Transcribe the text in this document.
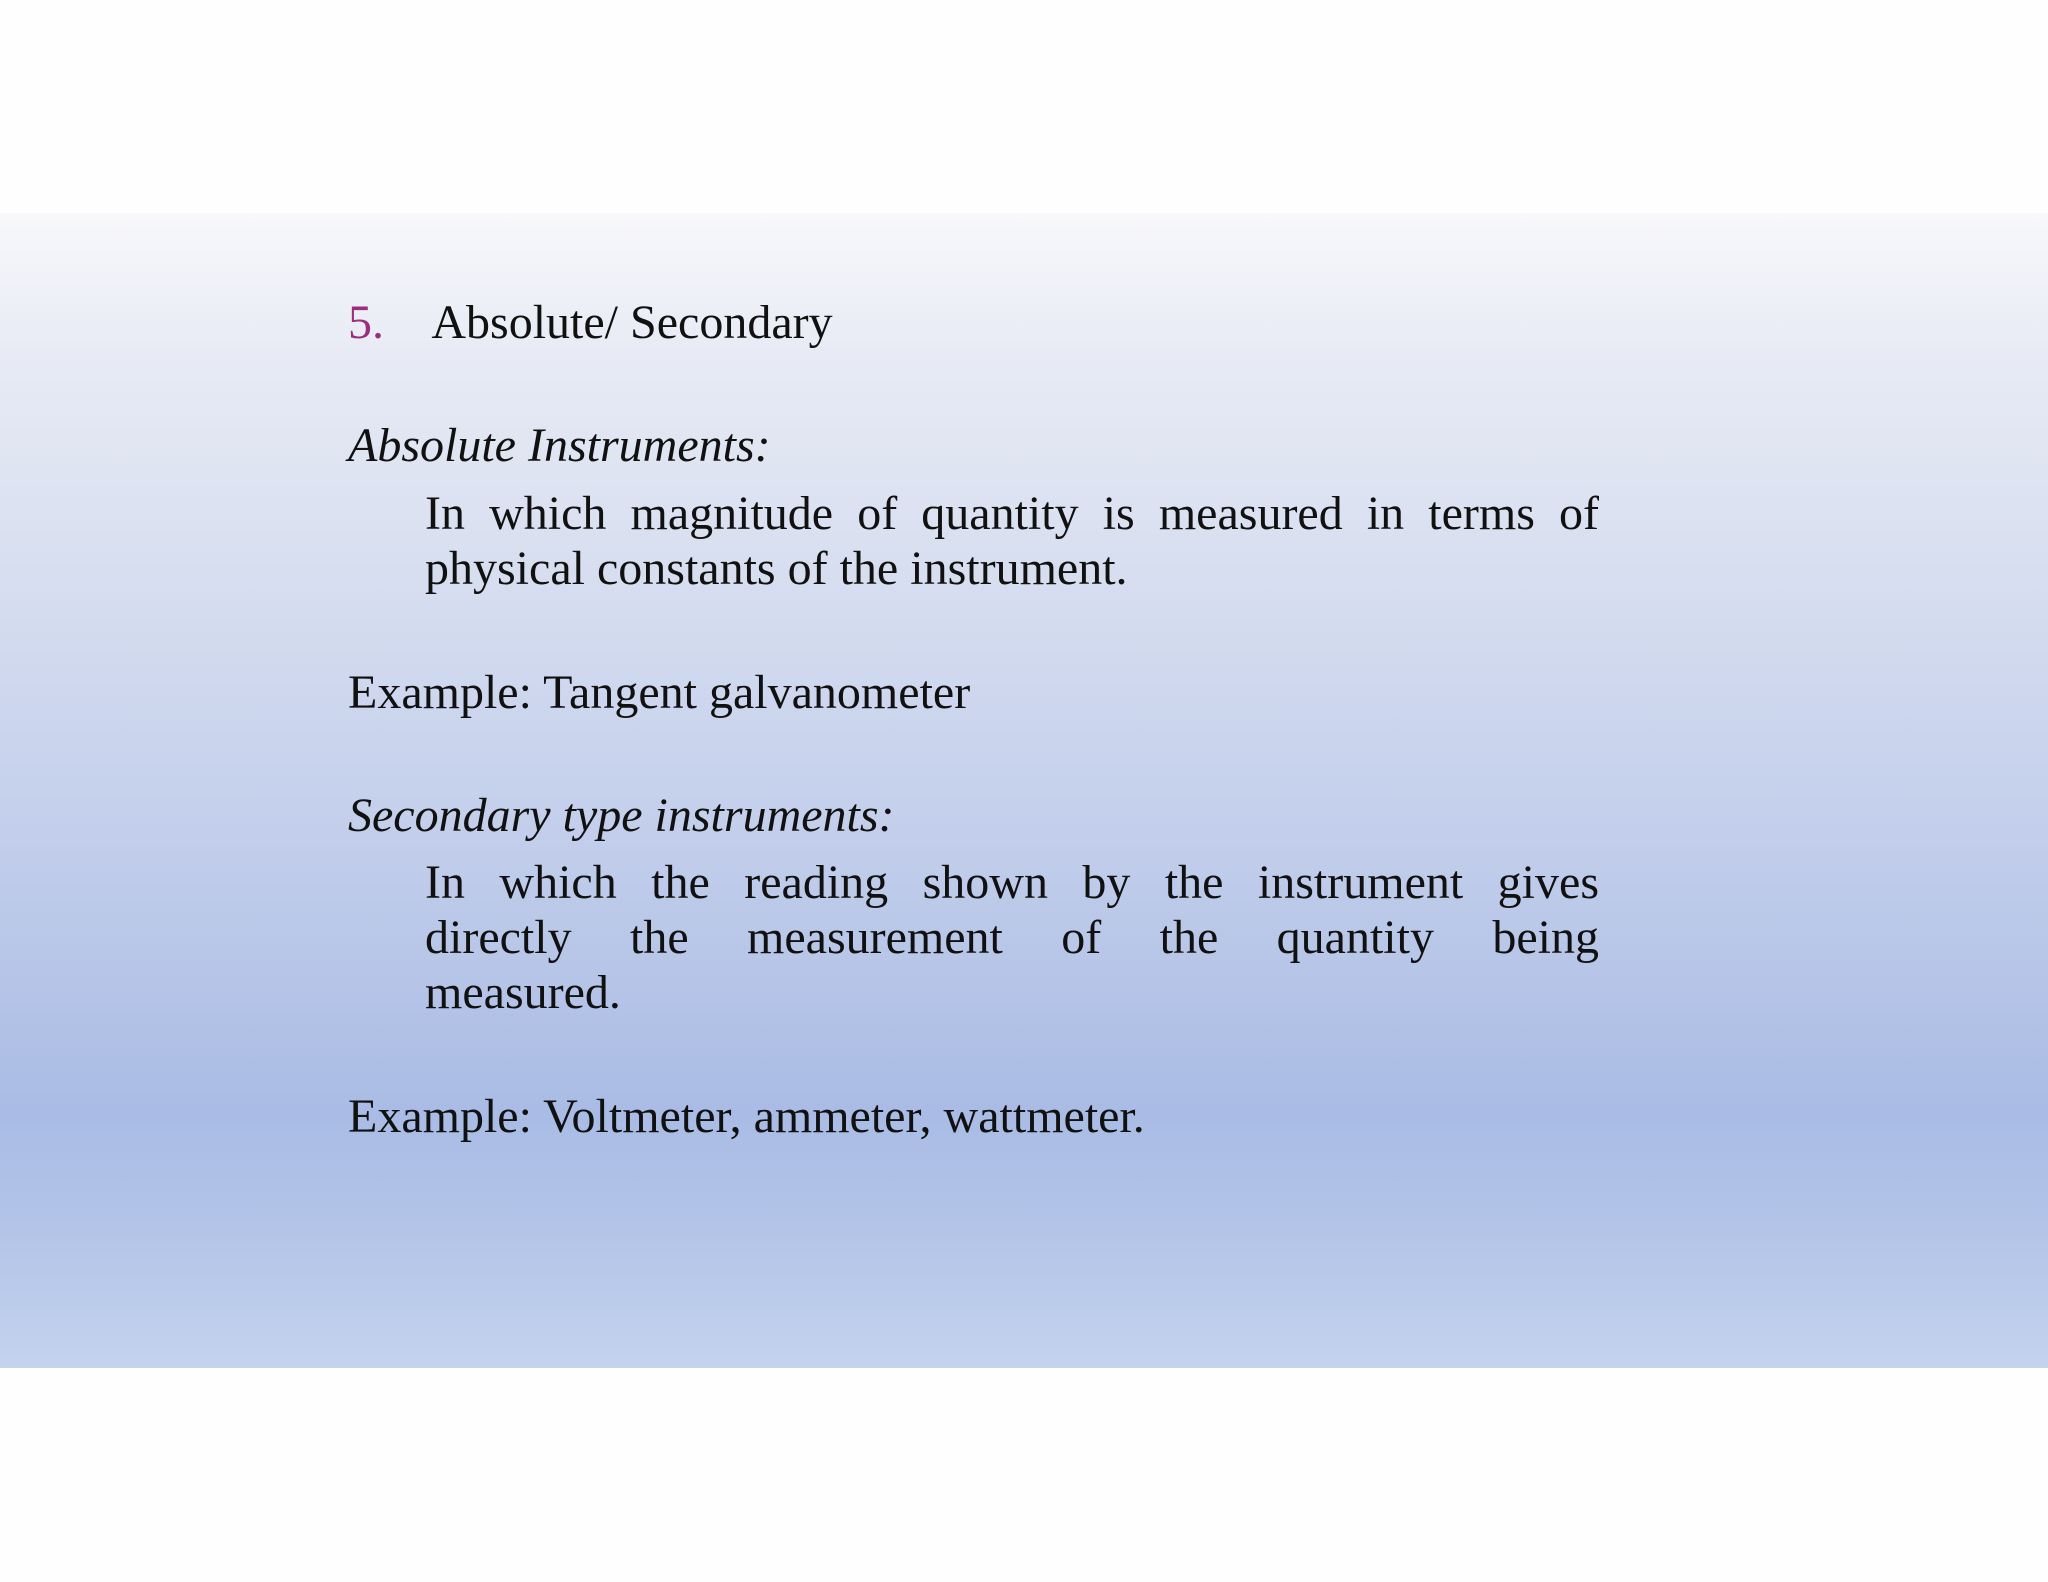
5. Absolute/ Secondary
Absolute Instruments:
In which magnitude of quantity is measured in terms of
physical constants of the instrument.
Example: Tangent galvanometer
Secondary type instruments:
In which the reading shown by the instrument gives
directly the measurement of the quantity being
measured.
Example: Voltmeter, ammeter, wattmeter.
